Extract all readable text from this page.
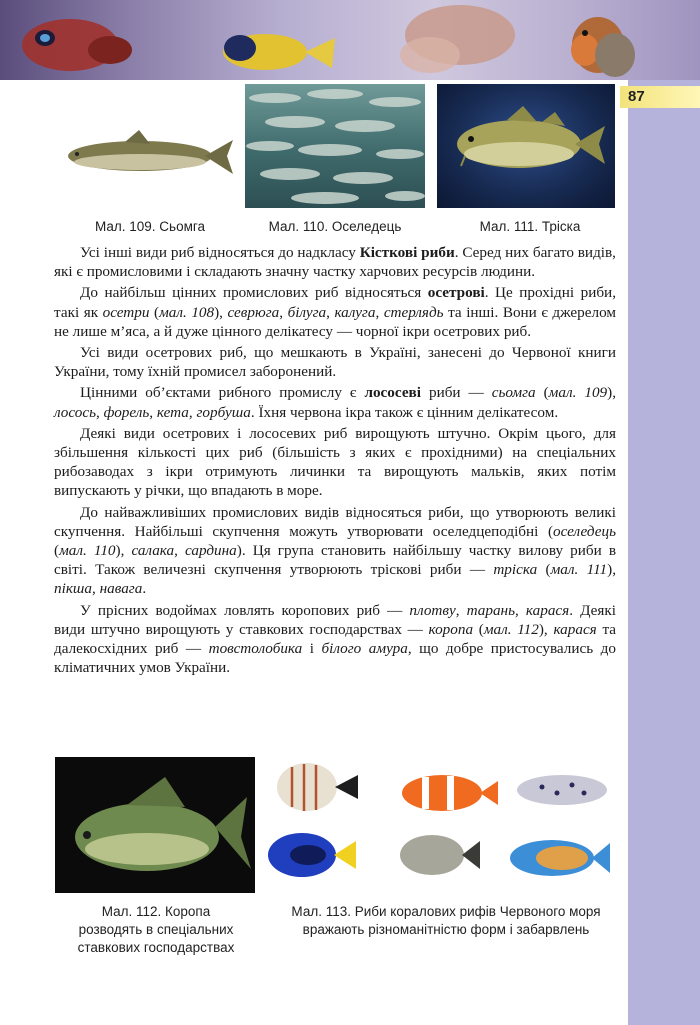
87
Мал. 109. Сьомга	Мал. 110. Оселедець	Мал. 111. Тріска

Усі інші види риб відносяться до надкласу Кісткові риби. Серед них багато видів, які є промисловими і складають значну частку харчових ресурсів людини.

До найбільш цінних промислових риб відносяться осетрові. Це прохідні риби, такі як осетри (мал. 108), севрюга, білуга, калуга, стерлядь та інші. Вони є джерелом не лише м’яса, а й дуже цінного делікатесу — чорної ікри осетрових риб.

Усі види осетрових риб, що мешкають в Україні, занесені до Червоної книги України, тому їхній промисел заборонений.

Цінними об’єктами рибного промислу є лососеві риби — сьомга (мал. 109), лосось, форель, кета, горбуша. Їхня червона ікра також є цінним делікатесом.

Деякі види осетрових і лососевих риб вирощують штучно. Окрім цього, для збільшення кількості цих риб (більшість з яких є прохідними) на спеціальних рибозаводах з ікри отримують личинки та вирощують мальків, яких потім випускають у річки, що впадають в море.

До найважливіших промислових видів відносяться риби, що утворюють великі скупчення. Найбільші скупчення можуть утворювати оселедцеподібні (оселедець (мал. 110), салака, сардина). Ця група становить найбільшу частку вилову риби в світі. Також величезні скупчення утворюють тріскові риби — тріска (мал. 111), пікша, навага.

У прісних водоймах ловлять коропових риб — плотву, тарань, карася. Деякі види штучно вирощують у ставкових господарствах — коропа (мал. 112), карася та далекосхідних риб — товстолобика і білого амура, що добре пристосувались до кліматичних умов України.

Мал. 112. Коропа розводять в спеціальних ставкових господарствах
Мал. 113. Риби коралових рифів Червоного моря вражають різноманітністю форм і забарвлень
